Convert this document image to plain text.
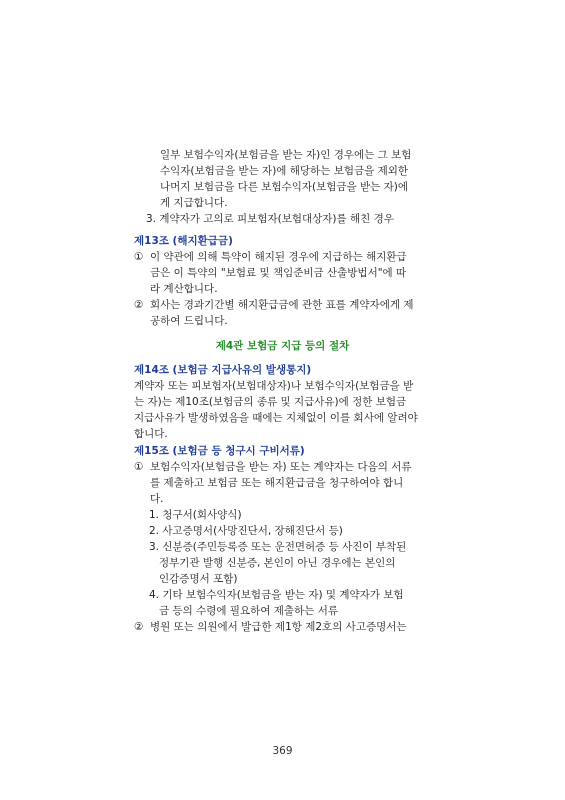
일부 보험수익자(보험금을 받는 자)인 경우에는 그 보험
수익자(보험금을 받는 자)에 해당하는 보험금을 제외한
나머지 보험금을 다른 보험수익자(보험금을 받는 자)에
게 지급합니다.
3. 계약자가 고의로 피보험자(보험대상자)를 해친 경우
제13조 (해지환급금)
① 이 약관에 의해 특약이 해지된 경우에 지급하는 해지환급
금은 이 특약의 "보험료 및 책임준비금 산출방법서"에 따
라 계산합니다.
② 회사는 경과기간별 해지환급금에 관한 표를 계약자에게 제
공하여 드립니다.
제4관 보험금 지급 등의 절차
제14조 (보험금 지급사유의 발생통지)
계약자 또는 피보험자(보험대상자)나 보험수익자(보험금을 받
는 자)는 제10조(보험금의 종류 및 지급사유)에 정한 보험금
지급사유가 발생하였음을 때에는 지체없이 이를 회사에 알려야
합니다.
제15조 (보험금 등 청구시 구비서류)
① 보험수익자(보험금을 받는 자) 또는 계약자는 다음의 서류
를 제출하고 보험금 또는 해지환급금을 청구하여야 합니
다.
1. 청구서(회사양식)
2. 사고증명서(사망진단서, 장해진단서 등)
3. 신분증(주민등록증 또는 운전면허증 등 사진이 부착된
정부기관 발행 신분증, 본인이 아닌 경우에는 본인의
인감증명서 포함)
4. 기타 보험수익자(보험금을 받는 자) 및 계약자가 보험
금 등의 수령에 필요하여 제출하는 서류
② 병원 또는 의원에서 발급한 제1항 제2호의 사고증명서는
369
